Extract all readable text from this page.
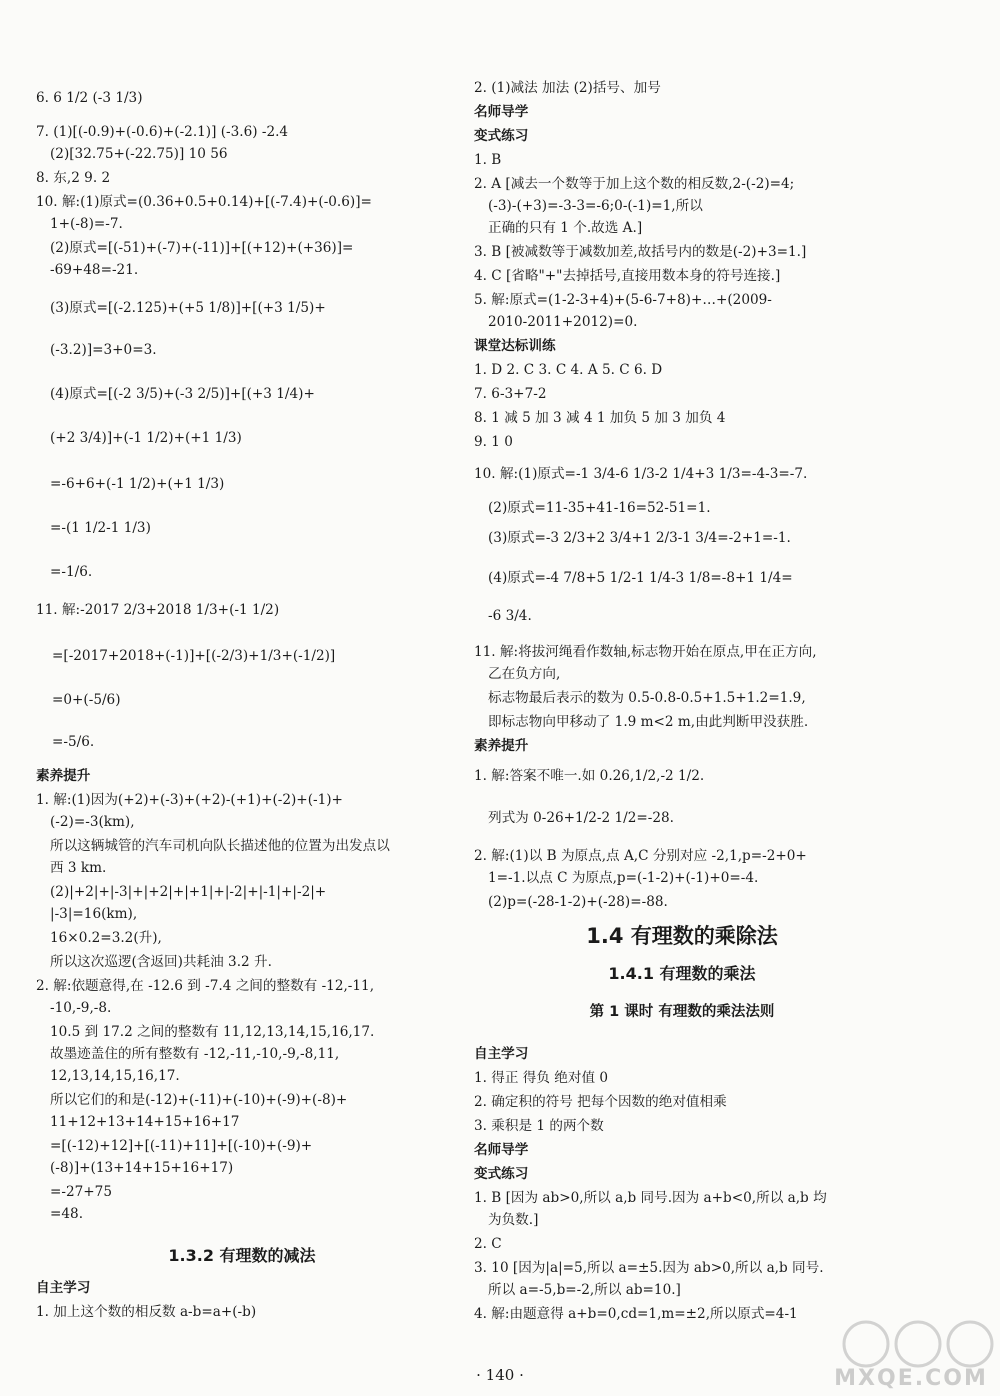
6. 6 1/2 (-3 1/3)
7. (1)[(-0.9)+(-0.6)+(-2.1)] (-3.6) -2.4
(2)[32.75+(-22.75)] 10 56
8. 东,2 9. 2
10. 解:(1)原式=(0.36+0.5+0.14)+[(-7.4)+(-0.6)]=
1+(-8)=-7.
(2)原式=[(-51)+(-7)+(-11)]+[(+12)+(+36)]=
-69+48=-21.
(3)原式=[(-2.125)+(+5 1/8)]+[(+3 1/5)+
(-3.2)]=3+0=3.
(4)原式=[(-2 3/5)+(-3 2/5)]+[(+3 1/4)+
(+2 3/4)]+(-1 1/2)+(+1 1/3)
=-6+6+(-1 1/2)+(+1 1/3)
=-(1 1/2-1 1/3)
=-1/6.
11. 解:-2017 2/3+2018 1/3+(-1 1/2)
=[-2017+2018+(-1)]+[(-2/3)+1/3+(-1/2)]
=0+(-5/6)
=-5/6.
素养提升
1. 解:(1)因为(+2)+(-3)+(+2)-(+1)+(-2)+(-1)+
(-2)=-3(km),
所以这辆城管的汽车司机向队长描述他的位置为出发点以
西 3 km.
(2)|+2|+|-3|+|+2|+|+1|+|-2|+|-1|+|-2|+
|-3|=16(km),
16×0.2=3.2(升),
所以这次巡逻(含返回)共耗油 3.2 升.
2. 解:依题意得,在 -12.6 到 -7.4 之间的整数有 -12,-11,
-10,-9,-8.
10.5 到 17.2 之间的整数有 11,12,13,14,15,16,17.
故墨迹盖住的所有整数有 -12,-11,-10,-9,-8,11,
12,13,14,15,16,17.
所以它们的和是(-12)+(-11)+(-10)+(-9)+(-8)+
11+12+13+14+15+16+17
=[(-12)+12]+[(-11)+11]+[(-10)+(-9)+
(-8)]+(13+14+15+16+17)
=-27+75
=48.
1.3.2 有理数的减法
自主学习
1. 加上这个数的相反数 a-b=a+(-b)
2. (1)减法 加法 (2)括号、加号
名师导学
变式练习
1. B
2. A [减去一个数等于加上这个数的相反数,2-(-2)=4;
(-3)-(+3)=-3-3=-6;0-(-1)=1,所以
正确的只有 1 个.故选 A.]
3. B [被减数等于减数加差,故括号内的数是(-2)+3=1.]
4. C [省略"+"去掉括号,直接用数本身的符号连接.]
5. 解:原式=(1-2-3+4)+(5-6-7+8)+…+(2009-
2010-2011+2012)=0.
课堂达标训练
1. D 2. C 3. C 4. A 5. C 6. D
7. 6-3+7-2
8. 1 减 5 加 3 减 4 1 加负 5 加 3 加负 4
9. 1 0
10. 解:(1)原式=-1 3/4-6 1/3-2 1/4+3 1/3=-4-3=-7.
(2)原式=11-35+41-16=52-51=1.
(3)原式=-3 2/3+2 3/4+1 2/3-1 3/4=-2+1=-1.
(4)原式=-4 7/8+5 1/2-1 1/4-3 1/8=-8+1 1/4=
-6 3/4.
11. 解:将拔河绳看作数轴,标志物开始在原点,甲在正方向,
乙在负方向,
标志物最后表示的数为 0.5-0.8-0.5+1.5+1.2=1.9,
即标志物向甲移动了 1.9 m<2 m,由此判断甲没获胜.
素养提升
1. 解:答案不唯一.如 0.26,1/2,-2 1/2.
列式为 0-26+1/2-2 1/2=-28.
2. 解:(1)以 B 为原点,点 A,C 分别对应 -2,1,p=-2+0+
1=-1.以点 C 为原点,p=(-1-2)+(-1)+0=-4.
(2)p=(-28-1-2)+(-28)=-88.
1.4 有理数的乘除法
1.4.1 有理数的乘法
第 1 课时 有理数的乘法法则
自主学习
1. 得正 得负 绝对值 0
2. 确定积的符号 把每个因数的绝对值相乘
3. 乘积是 1 的两个数
名师导学
变式练习
1. B [因为 ab>0,所以 a,b 同号.因为 a+b<0,所以 a,b 均
为负数.]
2. C
3. 10 [因为|a|=5,所以 a=±5.因为 ab>0,所以 a,b 同号.
所以 a=-5,b=-2,所以 ab=10.]
4. 解:由题意得 a+b=0,cd=1,m=±2,所以原式=4-1
· 140 ·	MXQE.COM
